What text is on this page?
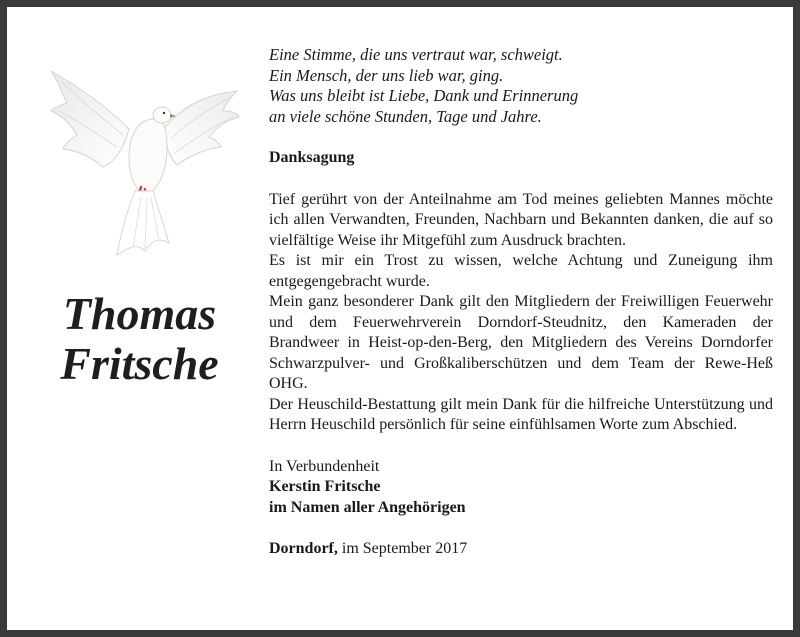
Thomas
Fritsche
Eine Stimme, die uns vertraut war, schweigt.
Ein Mensch, der uns lieb war, ging.
Was uns bleibt ist Liebe, Dank und Erinnerung
an viele schöne Stunden, Tage und Jahre.
Danksagung
Tief gerührt von der Anteilnahme am Tod meines geliebten Mannes möchte ich allen Verwandten, Freunden, Nachbarn und Bekannten danken, die auf so vielfältige Weise ihr Mitgefühl zum Ausdruck brachten.
Es ist mir ein Trost zu wissen, welche Achtung und Zuneigung ihm entgegengebracht wurde.
Mein ganz besonderer Dank gilt den Mitgliedern der Freiwilligen Feuerwehr und dem Feuerwehrverein Dorndorf-Steudnitz, den Kameraden der Brandweer in Heist-op-den-Berg, den Mitgliedern des Vereins Dorndorfer Schwarzpulver- und Großkaliberschützen und dem Team der Rewe-Heß OHG.
Der Heuschild-Bestattung gilt mein Dank für die hilfreiche Unterstützung und Herrn Heuschild persönlich für seine einfühlsamen Worte zum Abschied.
In Verbundenheit
Kerstin Fritsche
im Namen aller Angehörigen
Dorndorf, im September 2017
